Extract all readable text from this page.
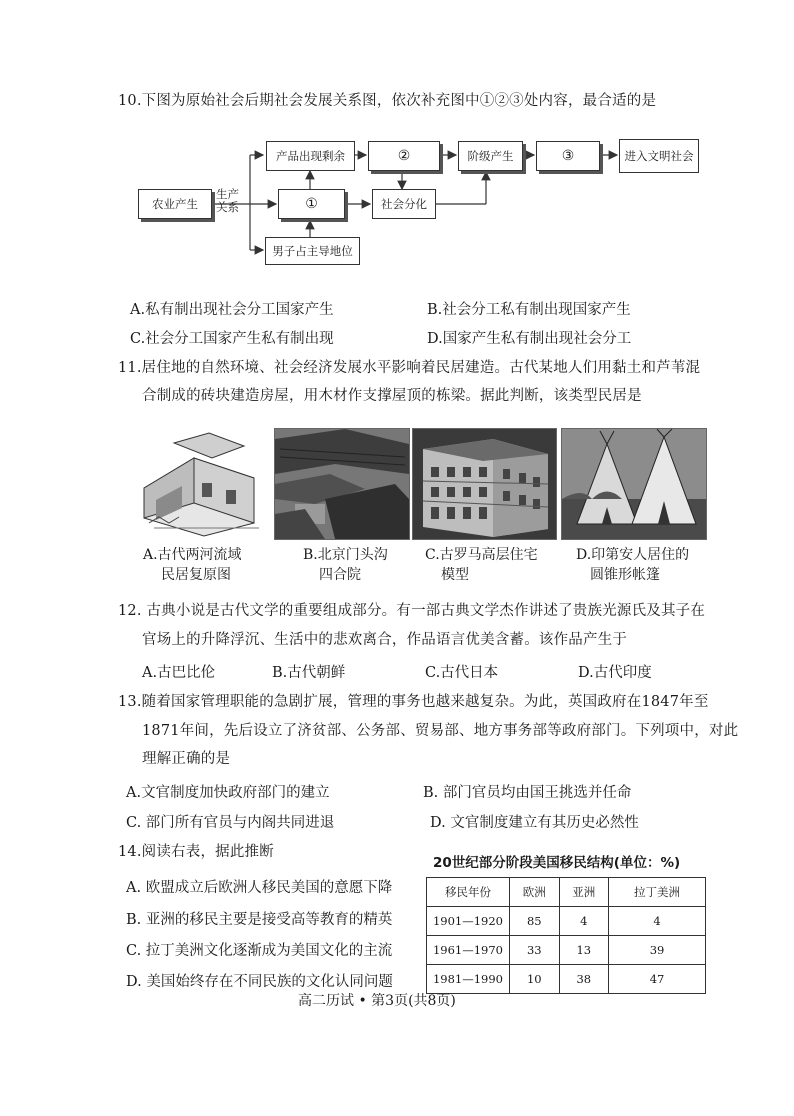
10.下图为原始社会后期社会发展关系图，依次补充图中①②③处内容，最合适的是
农业产生
生产关系
产品出现剩余
①
②
社会分化
阶级产生	③	进入文明社会
男子占主导地位
A.私有制出现社会分工国家产生	B.社会分工私有制出现国家产生
C.社会分工国家产生私有制出现	D.国家产生私有制出现社会分工
11.居住地的自然环境、社会经济发展水平影响着民居建造。古代某地人们用黏土和芦苇混
合制成的砖块建造房屋，用木材作支撑屋顶的栋梁。据此判断，该类型民居是
A.古代两河流域
民居复原图
B.北京门头沟
四合院
C.古罗马高层住宅
模型
D.印第安人居住的
圆锥形帐篷
12. 古典小说是古代文学的重要组成部分。有一部古典文学杰作讲述了贵族光源氏及其子在
官场上的升降浮沉、生活中的悲欢离合，作品语言优美含蓄。该作品产生于
A.古巴比伦	B.古代朝鲜	C.古代日本	D.古代印度
13.随着国家管理职能的急剧扩展，管理的事务也越来越复杂。为此，英国政府在1847年至
1871年间，先后设立了济贫部、公务部、贸易部、地方事务部等政府部门。下列项中，对此
理解正确的是
A.文官制度加快政府部门的建立	B. 部门官员均由国王挑选并任命
C. 部门所有官员与内阁共同进退	D. 文官制度建立有其历史必然性
14.阅读右表，据此推断
A. 欧盟成立后欧洲人移民美国的意愿下降
B. 亚洲的移民主要是接受高等教育的精英
C. 拉丁美洲文化逐渐成为美国文化的主流
D. 美国始终存在不同民族的文化认同问题
20世纪部分阶段美国移民结构(单位：%)
移民年份	欧洲	亚洲	拉丁美洲
1901—1920	85	4	4
1961—1970	33	13	39
1981—1990	10	38	47
高二历试 • 第3页(共8页)
